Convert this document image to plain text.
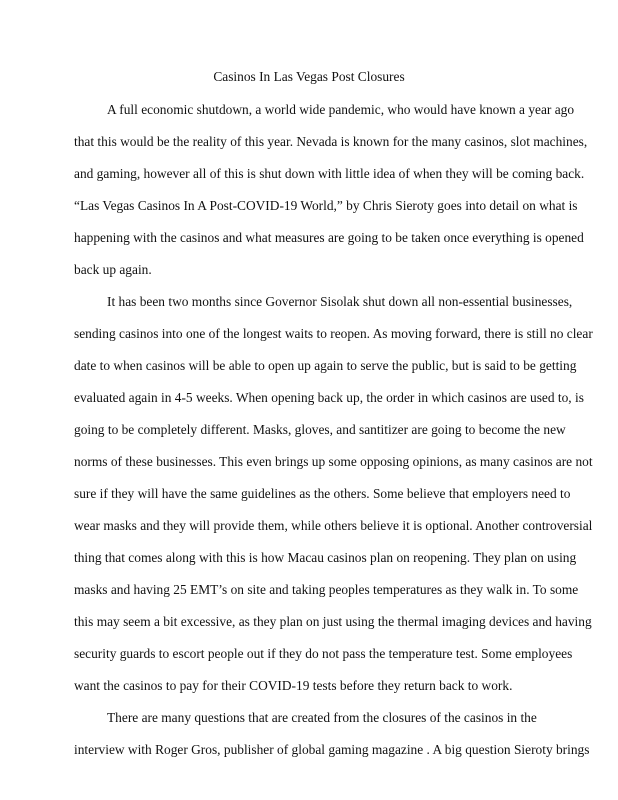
Casinos In Las Vegas Post Closures
A full economic shutdown, a world wide pandemic, who would have known a year ago
that this would be the reality of this year. Nevada is known for the many casinos, slot machines,
and gaming, however all of this is shut down with little idea of when they will be coming back.
“Las Vegas Casinos In A Post-COVID-19 World,” by Chris Sieroty goes into detail on what is
happening with the casinos and what measures are going to be taken once everything is opened
back up again.
It has been two months since Governor Sisolak shut down all non-essential businesses,
sending casinos into one of the longest waits to reopen. As moving forward, there is still no clear
date to when casinos will be able to open up again to serve the public, but is said to be getting
evaluated again in 4-5 weeks. When opening back up, the order in which casinos are used to, is
going to be completely different. Masks, gloves, and santitizer are going to become the new
norms of these businesses. This even brings up some opposing opinions, as many casinos are not
sure if they will have the same guidelines as the others. Some believe that employers need to
wear masks and they will provide them, while others believe it is optional. Another controversial
thing that comes along with this is how Macau casinos plan on reopening. They plan on using
masks and having 25 EMT’s on site and taking peoples temperatures as they walk in. To some
this may seem a bit excessive, as they plan on just using the thermal imaging devices and having
security guards to escort people out if they do not pass the temperature test. Some employees
want the casinos to pay for their COVID-19 tests before they return back to work.
There are many questions that are created from the closures of the casinos in the
interview with Roger Gros, publisher of global gaming magazine . A big question Sieroty brings
